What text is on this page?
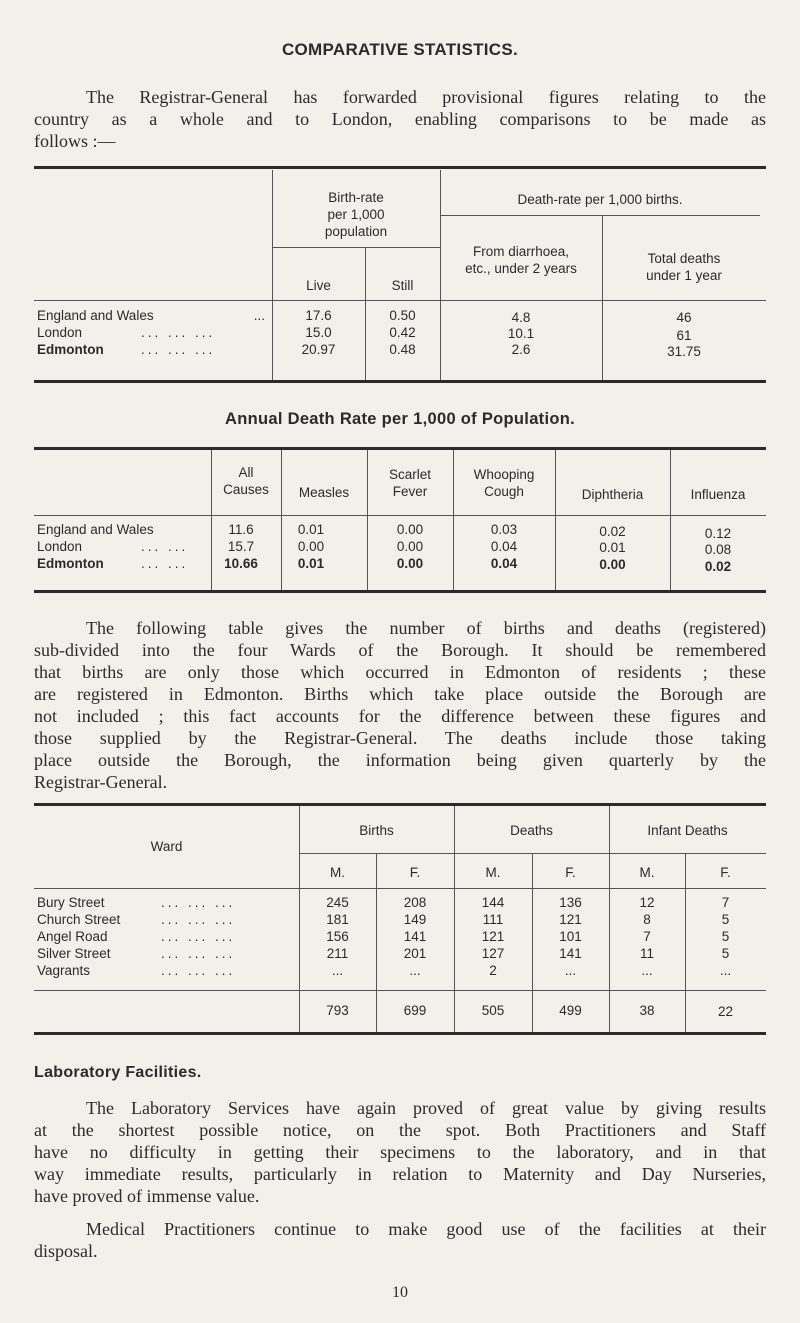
COMPARATIVE STATISTICS.
The Registrar-General has forwarded provisional figures relating to the
country as a whole and to London, enabling comparisons to be made as
follows :—
Birth-rate
per 1,000
population
Death-rate per 1,000 births.
From diarrhoea,
etc., under 2 years
Total deaths
under 1 year
Live	Still
England and Wales	...	17.6	0.50	4.8	46
London	... ... ...	15.0	0.42	10.1	61
Edmonton	... ... ...	20.97	0.48	2.6	31.75
Annual Death Rate per 1,000 of Population.
All
Causes	Measles
Scarlet
Fever
Whooping
Cough	Diphtheria	Influenza
England and Wales	11.6	0.01	0.00	0.03	0.02	0.12
London	... ...	15.7	0.00	0.00	0.04	0.01	0.08
Edmonton	... ...	10.66	0.01	0.00	0.04	0.00	0.02
The following table gives the number of births and deaths (registered)
sub-divided into the four Wards of the Borough. It should be remembered
that births are only those which occurred in Edmonton of residents ; these
are registered in Edmonton. Births which take place outside the Borough are
not included ; this fact accounts for the difference between these figures and
those supplied by the Registrar-General. The deaths include those taking
place outside the Borough, the information being given quarterly by the
Registrar-General.
Ward
Births	Deaths	Infant Deaths
M.	F.	M.	F.	M.	F.
Bury Street	... ... ...	245	208	144	136	12	7
Church Street	... ... ...	181	149	111	121	8	5
Angel Road	... ... ...	156	141	121	101	7	5
Silver Street	... ... ...	211	201	127	141	11	5
Vagrants	... ... ...	...	...	2	...	...	...
793	699	505	499	38	22
Laboratory Facilities.
The Laboratory Services have again proved of great value by giving results
at the shortest possible notice, on the spot. Both Practitioners and Staff
have no difficulty in getting their specimens to the laboratory, and in that
way immediate results, particularly in relation to Maternity and Day Nurseries,
have proved of immense value.
Medical Practitioners continue to make good use of the facilities at their
disposal.
10
